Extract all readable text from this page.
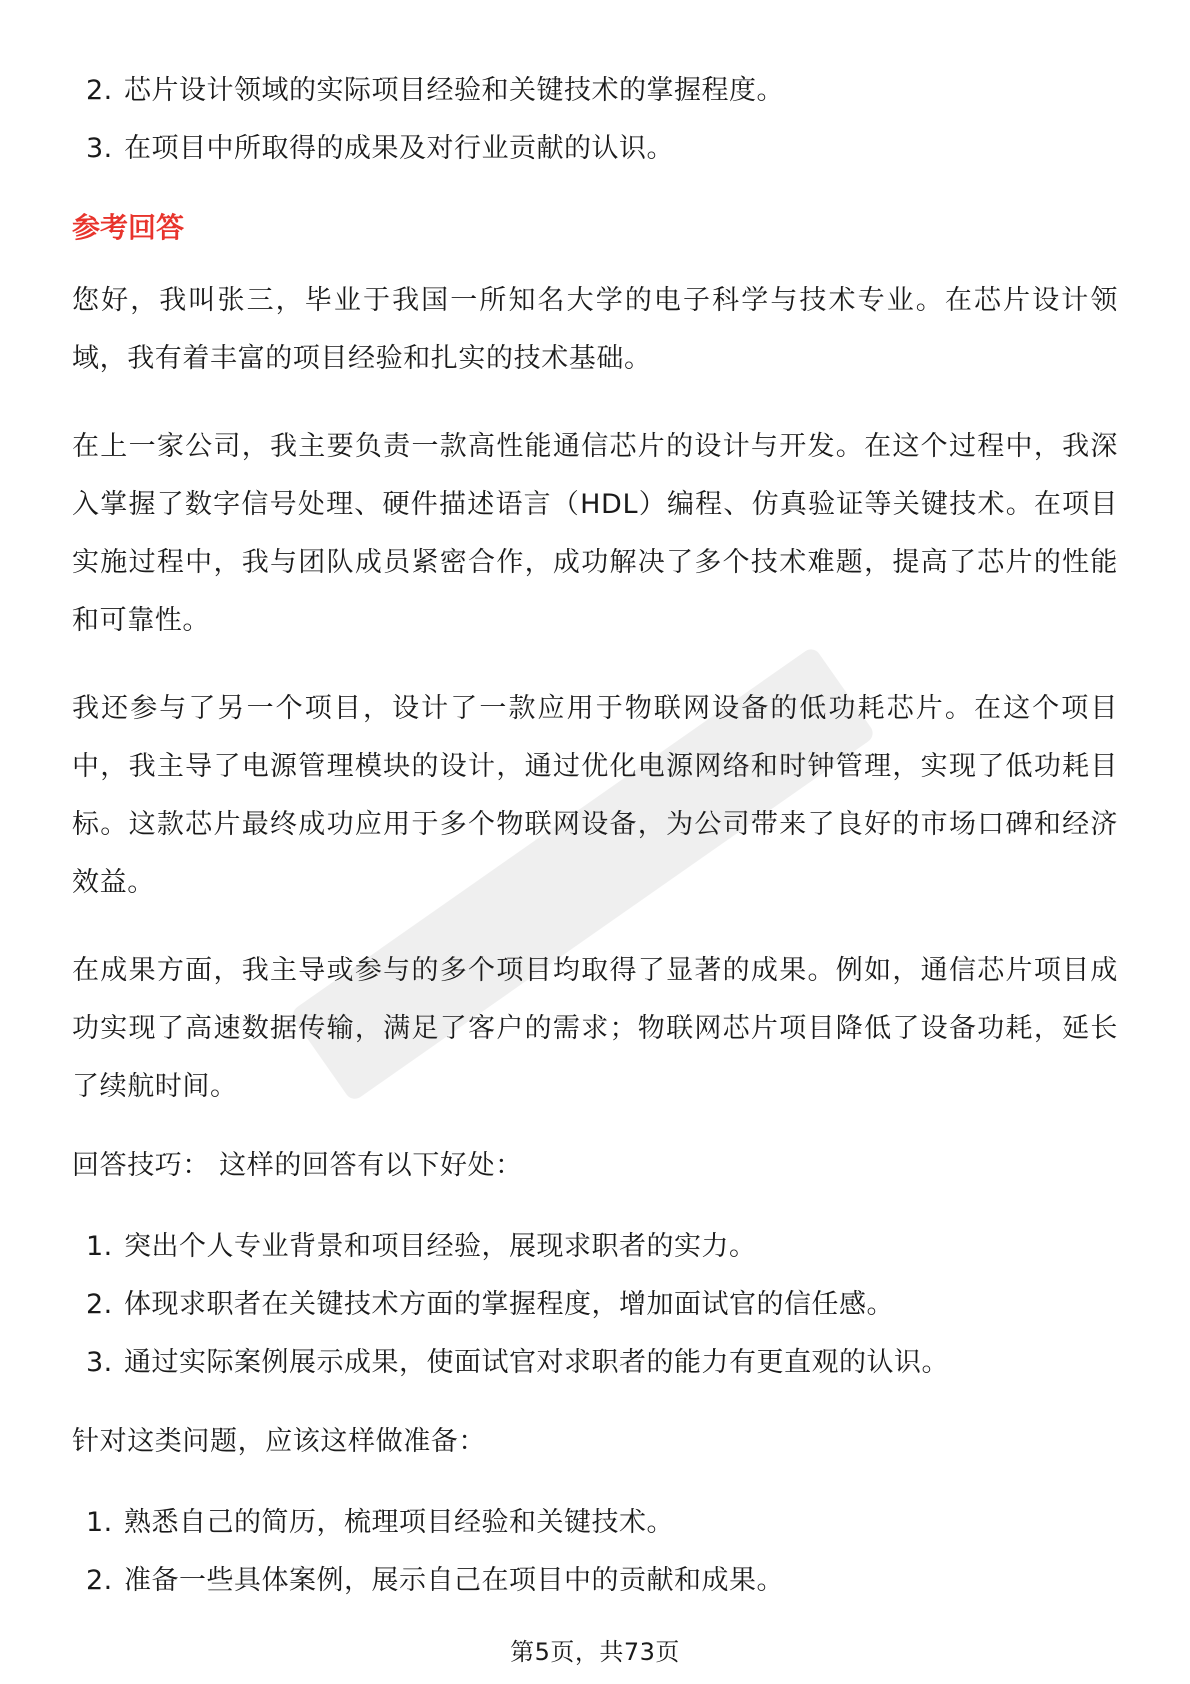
2. 芯片设计领域的实际项目经验和关键技术的掌握程度。
3. 在项目中所取得的成果及对行业贡献的认识。
参考回答

您好，我叫张三，毕业于我国一所知名大学的电子科学与技术专业。在芯片设计领域，我有着丰富的项目经验和扎实的技术基础。

在上一家公司，我主要负责一款高性能通信芯片的设计与开发。在这个过程中，我深入掌握了数字信号处理、硬件描述语言（HDL）编程、仿真验证等关键技术。在项目实施过程中，我与团队成员紧密合作，成功解决了多个技术难题，提高了芯片的性能和可靠性。

我还参与了另一个项目，设计了一款应用于物联网设备的低功耗芯片。在这个项目中，我主导了电源管理模块的设计，通过优化电源网络和时钟管理，实现了低功耗目标。这款芯片最终成功应用于多个物联网设备，为公司带来了良好的市场口碑和经济效益。

在成果方面，我主导或参与的多个项目均取得了显著的成果。例如，通信芯片项目成功实现了高速数据传输，满足了客户的需求；物联网芯片项目降低了设备功耗，延长了续航时间。

回答技巧： 这样的回答有以下好处：
1. 突出个人专业背景和项目经验，展现求职者的实力。
2. 体现求职者在关键技术方面的掌握程度，增加面试官的信任感。
3. 通过实际案例展示成果，使面试官对求职者的能力有更直观的认识。
针对这类问题，应该这样做准备：
1. 熟悉自己的简历，梳理项目经验和关键技术。
2. 准备一些具体案例，展示自己在项目中的贡献和成果。
第5页，共73页
